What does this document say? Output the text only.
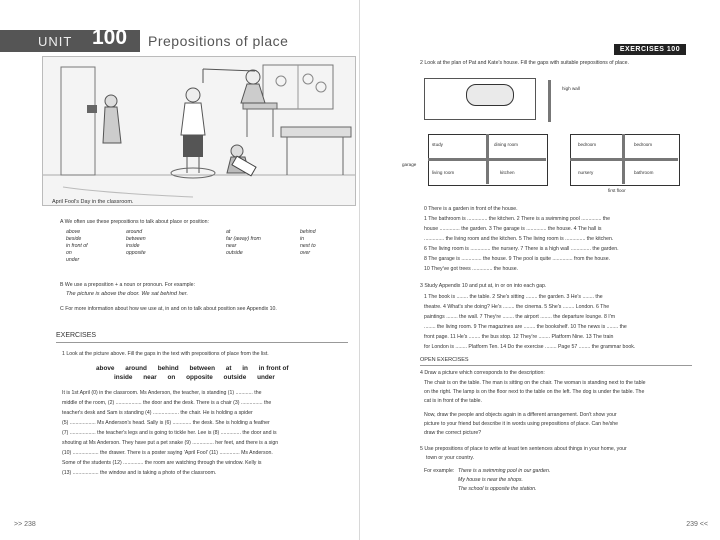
UNIT 100 Prepositions of place
April Fool's Day in the classroom.
A We often use these prepositions to talk about place or position:
above	around	at	behind
beside	between	far (away) from	in
in front of	inside	near	next to
on	opposite	outside	over
under
B We use a preposition + a noun or pronoun. For example:
The picture is above the door. We sat behind her.
C For more information about how we use at, in and on to talk about position see Appendix 10.
EXERCISES
1 Look at the picture above. Fill the gaps in the text with prepositions of place from the list.
above around behind between at in in front of
inside near on opposite outside under
It is 1st April (0) in the classroom. Ms Anderson, the teacher, is standing (1) ............ the
middle of the room, (2) .................. the door and the desk. There is a chair (3) ............... the
teacher's desk and Sam is standing (4) .................. the chair. He is holding a spider
(5) .................. Ms Anderson's head. Sally is (6) ............. the desk. She is holding a feather
(7) .................. the teacher's legs and is going to tickle her. Lee is (8) .............. the door and is
shouting at Ms Anderson. They have put a pet snake (9) ............... her feet, and there is a sign
(10) .................. the drawer. There is a poster saying 'April Fool' (11) .............. Ms Anderson.
Some of the students (12) .............. the room are watching through the window. Kelly is
(13) .................. the window and is taking a photo of the classroom.
>> 238
EXERCISES 100
2 Look at the plan of Pat and Kate's house. Fill the gaps with suitable prepositions of place.
high wall
study	dining room
living room	kitchen
garage
bedroom	bedroom
nursery	bathroom
first floor
0 There is a garden in front of the house.
1 The bathroom is .............. the kitchen. 2 There is a swimming pool .............. the
house .............. the garden. 3 The garage is .............. the house. 4 The hall is
.............. the living room and the kitchen. 5 The living room is .............. the kitchen.
6 The living room is .............. the nursery. 7 There is a high wall .............. the garden.
8 The garage is .............. the house. 9 The pool is quite .............. from the house.
10 They've got trees .............. the house.
3 Study Appendix 10 and put at, in or on into each gap.
1 The book is ........ the table. 2 She's sitting ........ the garden. 3 He's ........ the
theatre. 4 What's she doing? He's ........ the cinema. 5 She's ........ London. 6 The
paintings ........ the wall. 7 They're ........ the airport ........ the departure lounge. 8 I'm
........ the living room. 9 The magazines are ........ the bookshelf. 10 The news is ........ the
front page. 11 He's ........ the bus stop. 12 They're ........ Platform Nine. 13 The train
for London is ........ Platform Ten. 14 Do the exercise ........ Page 57 ........ the grammar book.
OPEN EXERCISES
4 Draw a picture which corresponds to the description:
The chair is on the table. The man is sitting on the chair. The woman is standing next to the table
on the right. The lamp is on the floor next to the table on the left. The dog is under the table. The
cat is in front of the table.
Now, draw the people and objects again in a different arrangement. Don't show your
picture to your friend but describe it in words using prepositions of place. Can he/she
draw the correct picture?
5 Use prepositions of place to write at least ten sentences about things in your home, your
town or your country.
For example: There is a swimming pool in our garden.
My house is near the shops.
The school is opposite the station.
239 <<
